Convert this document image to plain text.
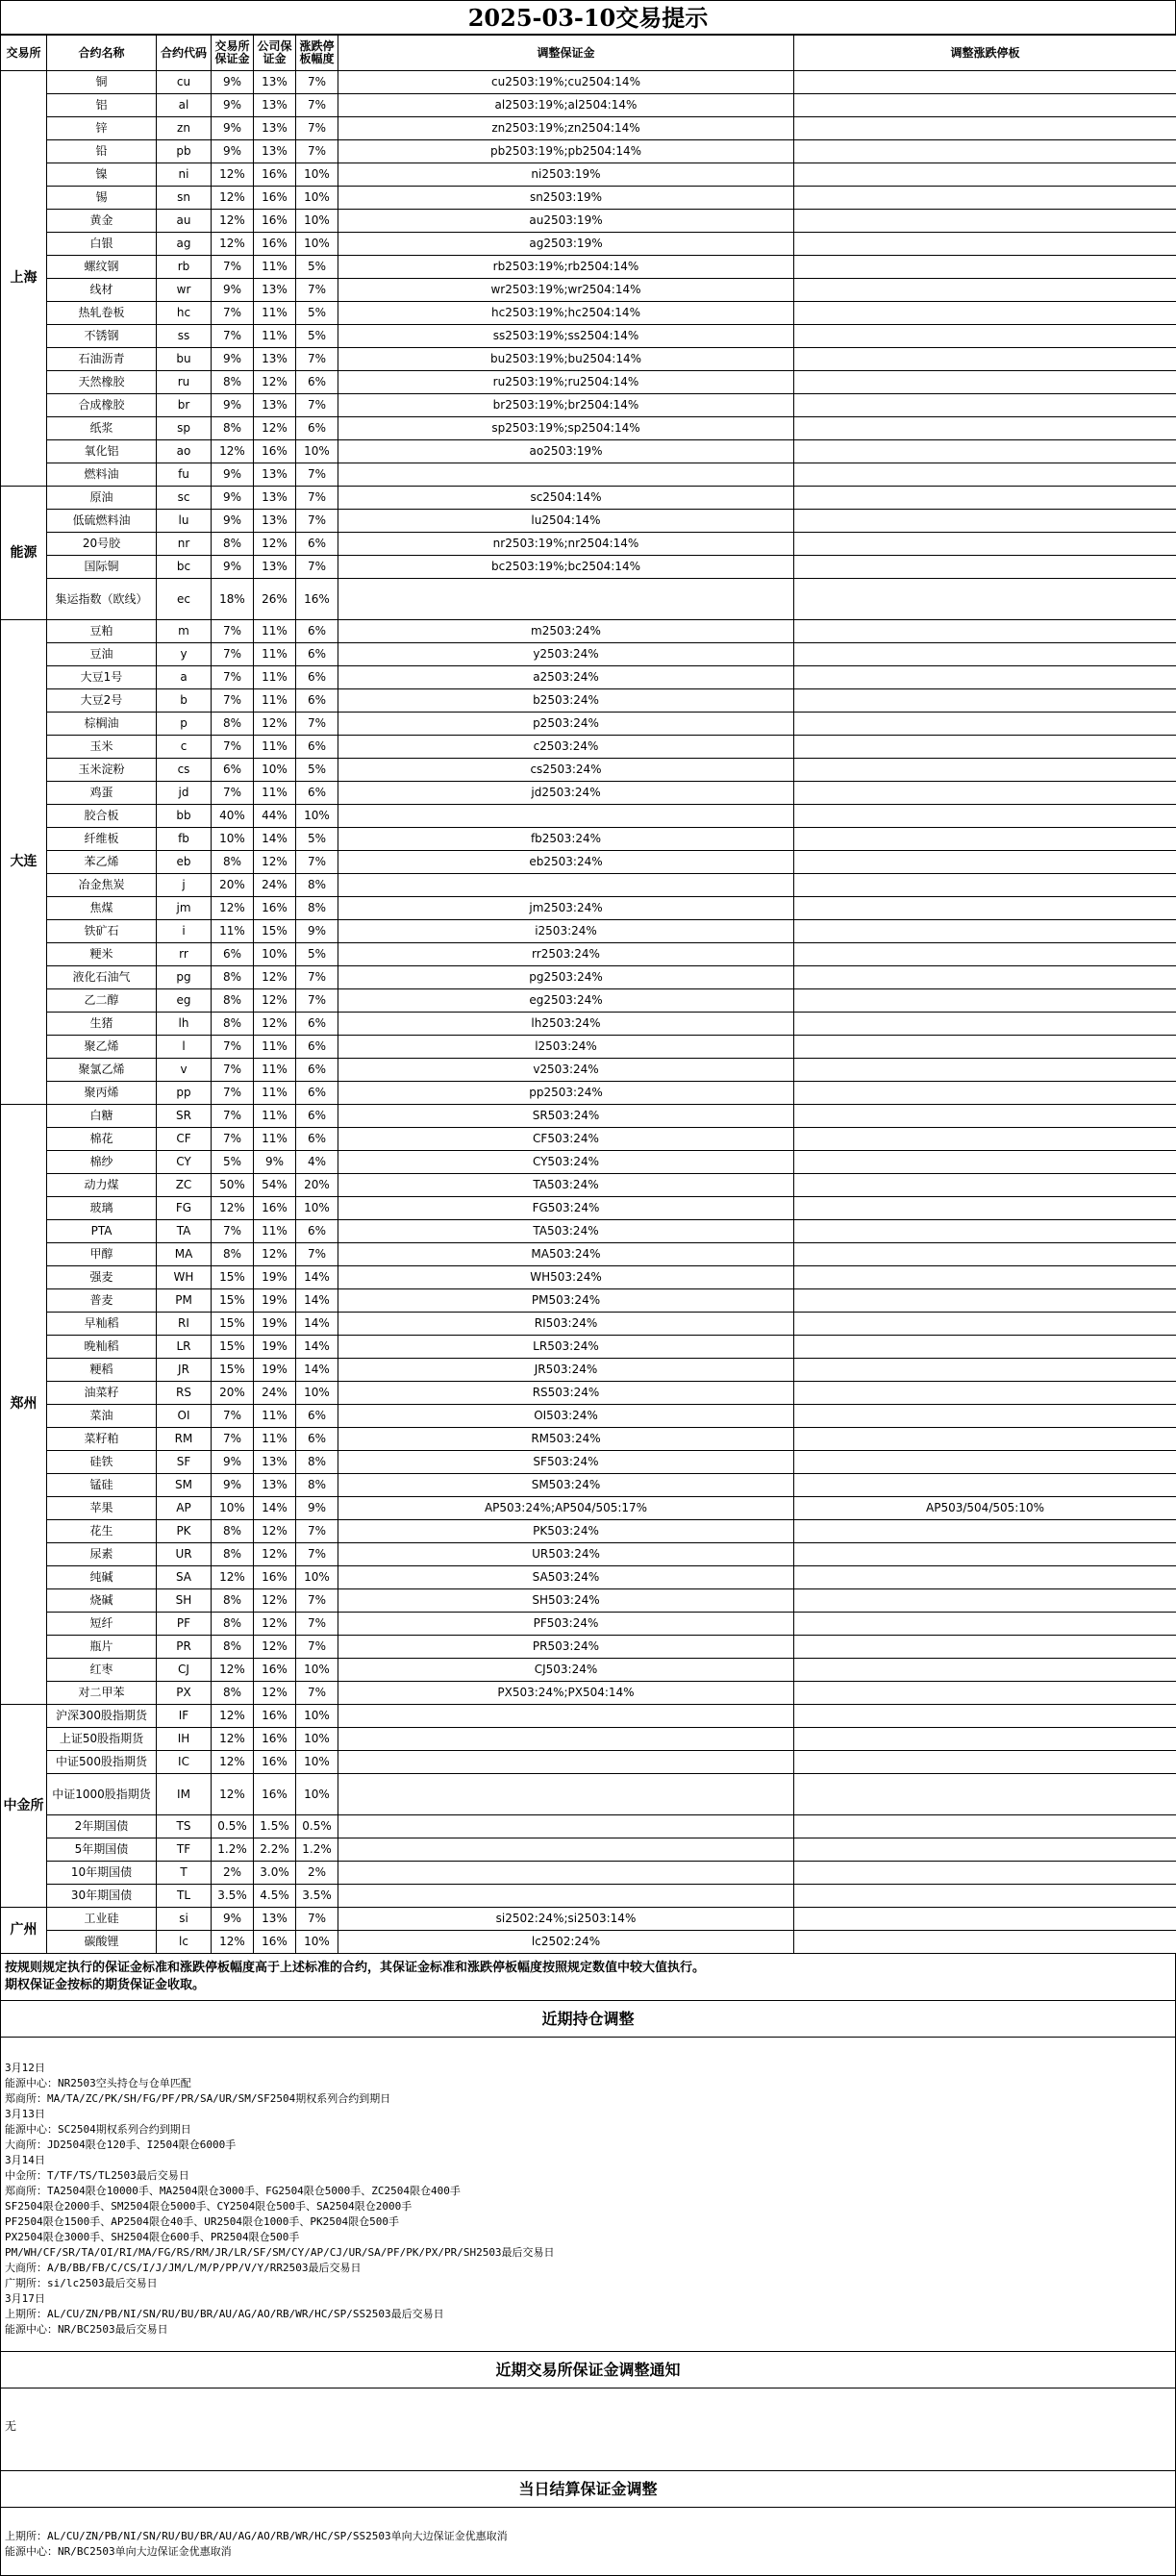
2025-03-10交易提示
交易所	合约名称	合约代码	交易所保证金	公司保证金	涨跌停板幅度	调整保证金	调整涨跌停板
上海	铜	cu	9%	13%	7%	cu2503:19%;cu2504:14%	
	铝	al	9%	13%	7%	al2503:19%;al2504:14%	
	锌	zn	9%	13%	7%	zn2503:19%;zn2504:14%	
	铅	pb	9%	13%	7%	pb2503:19%;pb2504:14%	
	镍	ni	12%	16%	10%	ni2503:19%	
	锡	sn	12%	16%	10%	sn2503:19%	
	黄金	au	12%	16%	10%	au2503:19%	
	白银	ag	12%	16%	10%	ag2503:19%	
	螺纹钢	rb	7%	11%	5%	rb2503:19%;rb2504:14%	
	线材	wr	9%	13%	7%	wr2503:19%;wr2504:14%	
	热轧卷板	hc	7%	11%	5%	hc2503:19%;hc2504:14%	
	不锈钢	ss	7%	11%	5%	ss2503:19%;ss2504:14%	
	石油沥青	bu	9%	13%	7%	bu2503:19%;bu2504:14%	
	天然橡胶	ru	8%	12%	6%	ru2503:19%;ru2504:14%	
	合成橡胶	br	9%	13%	7%	br2503:19%;br2504:14%	
	纸浆	sp	8%	12%	6%	sp2503:19%;sp2504:14%	
	氧化铝	ao	12%	16%	10%	ao2503:19%	
	燃料油	fu	9%	13%	7%		
能源	原油	sc	9%	13%	7%	sc2504:14%	
	低硫燃料油	lu	9%	13%	7%	lu2504:14%	
	20号胶	nr	8%	12%	6%	nr2503:19%;nr2504:14%	
	国际铜	bc	9%	13%	7%	bc2503:19%;bc2504:14%	
	集运指数（欧线）	ec	18%	26%	16%		
大连	豆粕	m	7%	11%	6%	m2503:24%	
	豆油	y	7%	11%	6%	y2503:24%	
	大豆1号	a	7%	11%	6%	a2503:24%	
	大豆2号	b	7%	11%	6%	b2503:24%	
	棕榈油	p	8%	12%	7%	p2503:24%	
	玉米	c	7%	11%	6%	c2503:24%	
	玉米淀粉	cs	6%	10%	5%	cs2503:24%	
	鸡蛋	jd	7%	11%	6%	jd2503:24%	
	胶合板	bb	40%	44%	10%		
	纤维板	fb	10%	14%	5%	fb2503:24%	
	苯乙烯	eb	8%	12%	7%	eb2503:24%	
	冶金焦炭	j	20%	24%	8%		
	焦煤	jm	12%	16%	8%	jm2503:24%	
	铁矿石	i	11%	15%	9%	i2503:24%	
	粳米	rr	6%	10%	5%	rr2503:24%	
	液化石油气	pg	8%	12%	7%	pg2503:24%	
	乙二醇	eg	8%	12%	7%	eg2503:24%	
	生猪	lh	8%	12%	6%	lh2503:24%	
	聚乙烯	l	7%	11%	6%	l2503:24%	
	聚氯乙烯	v	7%	11%	6%	v2503:24%	
	聚丙烯	pp	7%	11%	6%	pp2503:24%	
郑州	白糖	SR	7%	11%	6%	SR503:24%	
	棉花	CF	7%	11%	6%	CF503:24%	
	棉纱	CY	5%	9%	4%	CY503:24%	
	动力煤	ZC	50%	54%	20%	TA503:24%	
	玻璃	FG	12%	16%	10%	FG503:24%	
	PTA	TA	7%	11%	6%	TA503:24%	
	甲醇	MA	8%	12%	7%	MA503:24%	
	强麦	WH	15%	19%	14%	WH503:24%	
	普麦	PM	15%	19%	14%	PM503:24%	
	早籼稻	RI	15%	19%	14%	RI503:24%	
	晚籼稻	LR	15%	19%	14%	LR503:24%	
	粳稻	JR	15%	19%	14%	JR503:24%	
	油菜籽	RS	20%	24%	10%	RS503:24%	
	菜油	OI	7%	11%	6%	OI503:24%	
	菜籽粕	RM	7%	11%	6%	RM503:24%	
	硅铁	SF	9%	13%	8%	SF503:24%	
	锰硅	SM	9%	13%	8%	SM503:24%	
	苹果	AP	10%	14%	9%	AP503:24%;AP504/505:17%	AP503/504/505:10%
	花生	PK	8%	12%	7%	PK503:24%	
	尿素	UR	8%	12%	7%	UR503:24%	
	纯碱	SA	12%	16%	10%	SA503:24%	
	烧碱	SH	8%	12%	7%	SH503:24%	
	短纤	PF	8%	12%	7%	PF503:24%	
	瓶片	PR	8%	12%	7%	PR503:24%	
	红枣	CJ	12%	16%	10%	CJ503:24%	
	对二甲苯	PX	8%	12%	7%	PX503:24%;PX504:14%	
中金所	沪深300股指期货	IF	12%	16%	10%		
	上证50股指期货	IH	12%	16%	10%		
	中证500股指期货	IC	12%	16%	10%		
	中证1000股指期货	IM	12%	16%	10%		
	2年期国债	TS	0.5%	1.5%	0.5%		
	5年期国债	TF	1.2%	2.2%	1.2%		
	10年期国债	T	2%	3.0%	2%		
	30年期国债	TL	3.5%	4.5%	3.5%		
广州	工业硅	si	9%	13%	7%	si2502:24%;si2503:14%	
	碳酸锂	lc	12%	16%	10%	lc2502:24%	
按规则规定执行的保证金标准和涨跌停板幅度高于上述标准的合约，其保证金标准和涨跌停板幅度按照规定数值中较大值执行。
期权保证金按标的期货保证金收取。
近期持仓调整
3月12日
能源中心：NR2503空头持仓与仓单匹配
郑商所：MA/TA/ZC/PK/SH/FG/PF/PR/SA/UR/SM/SF2504期权系列合约到期日
3月13日
能源中心：SC2504期权系列合约到期日
大商所：JD2504限仓120手、I2504限仓6000手
3月14日
中金所：T/TF/TS/TL2503最后交易日
郑商所：TA2504限仓10000手、MA2504限仓3000手、FG2504限仓5000手、ZC2504限仓400手
SF2504限仓2000手、SM2504限仓5000手、CY2504限仓500手、SA2504限仓2000手
PF2504限仓1500手、AP2504限仓40手、UR2504限仓1000手、PK2504限仓500手
PX2504限仓3000手、SH2504限仓600手、PR2504限仓500手
PM/WH/CF/SR/TA/OI/RI/MA/FG/RS/RM/JR/LR/SF/SM/CY/AP/CJ/UR/SA/PF/PK/PX/PR/SH2503最后交易日
大商所：A/B/BB/FB/C/CS/I/J/JM/L/M/P/PP/V/Y/RR2503最后交易日
广期所：si/lc2503最后交易日
3月17日
上期所：AL/CU/ZN/PB/NI/SN/RU/BU/BR/AU/AG/AO/RB/WR/HC/SP/SS2503最后交易日
能源中心：NR/BC2503最后交易日
近期交易所保证金调整通知
无
当日结算保证金调整
上期所：AL/CU/ZN/PB/NI/SN/RU/BU/BR/AU/AG/AO/RB/WR/HC/SP/SS2503单向大边保证金优惠取消
能源中心：NR/BC2503单向大边保证金优惠取消
